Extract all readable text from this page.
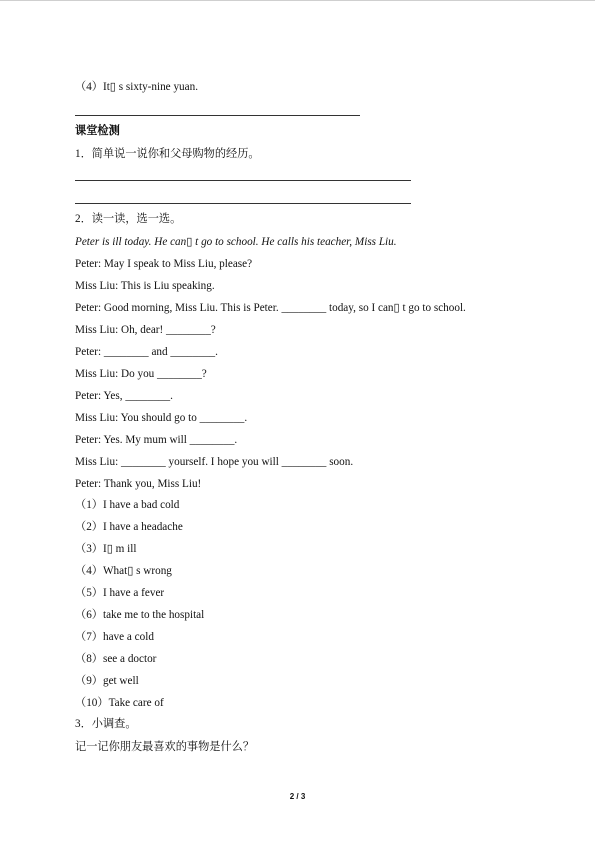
（4）It▯ s sixty-nine yuan.
课堂检测
1．简单说一说你和父母购物的经历。
2．读一读，选一选。
Peter is ill today. He can▯ t go to school. He calls his teacher, Miss Liu.
Peter: May I speak to Miss Liu, please?
Miss Liu: This is Liu speaking.
Peter: Good morning, Miss Liu. This is Peter. ________ today, so I can▯ t go to school.
Miss Liu: Oh, dear! ________?
Peter: ________ and ________.
Miss Liu: Do you ________?
Peter: Yes, ________.
Miss Liu: You should go to ________.
Peter: Yes. My mum will ________.
Miss Liu: ________ yourself. I hope you will ________ soon.
Peter: Thank you, Miss Liu!
（1）I have a bad cold
（2）I have a headache
（3）I▯ m ill
（4）What▯ s wrong
（5）I have a fever
（6）take me to the hospital
（7）have a cold
（8）see a doctor
（9）get well
（10）Take care of
3．小调查。
记一记你朋友最喜欢的事物是什么？
2 / 3
